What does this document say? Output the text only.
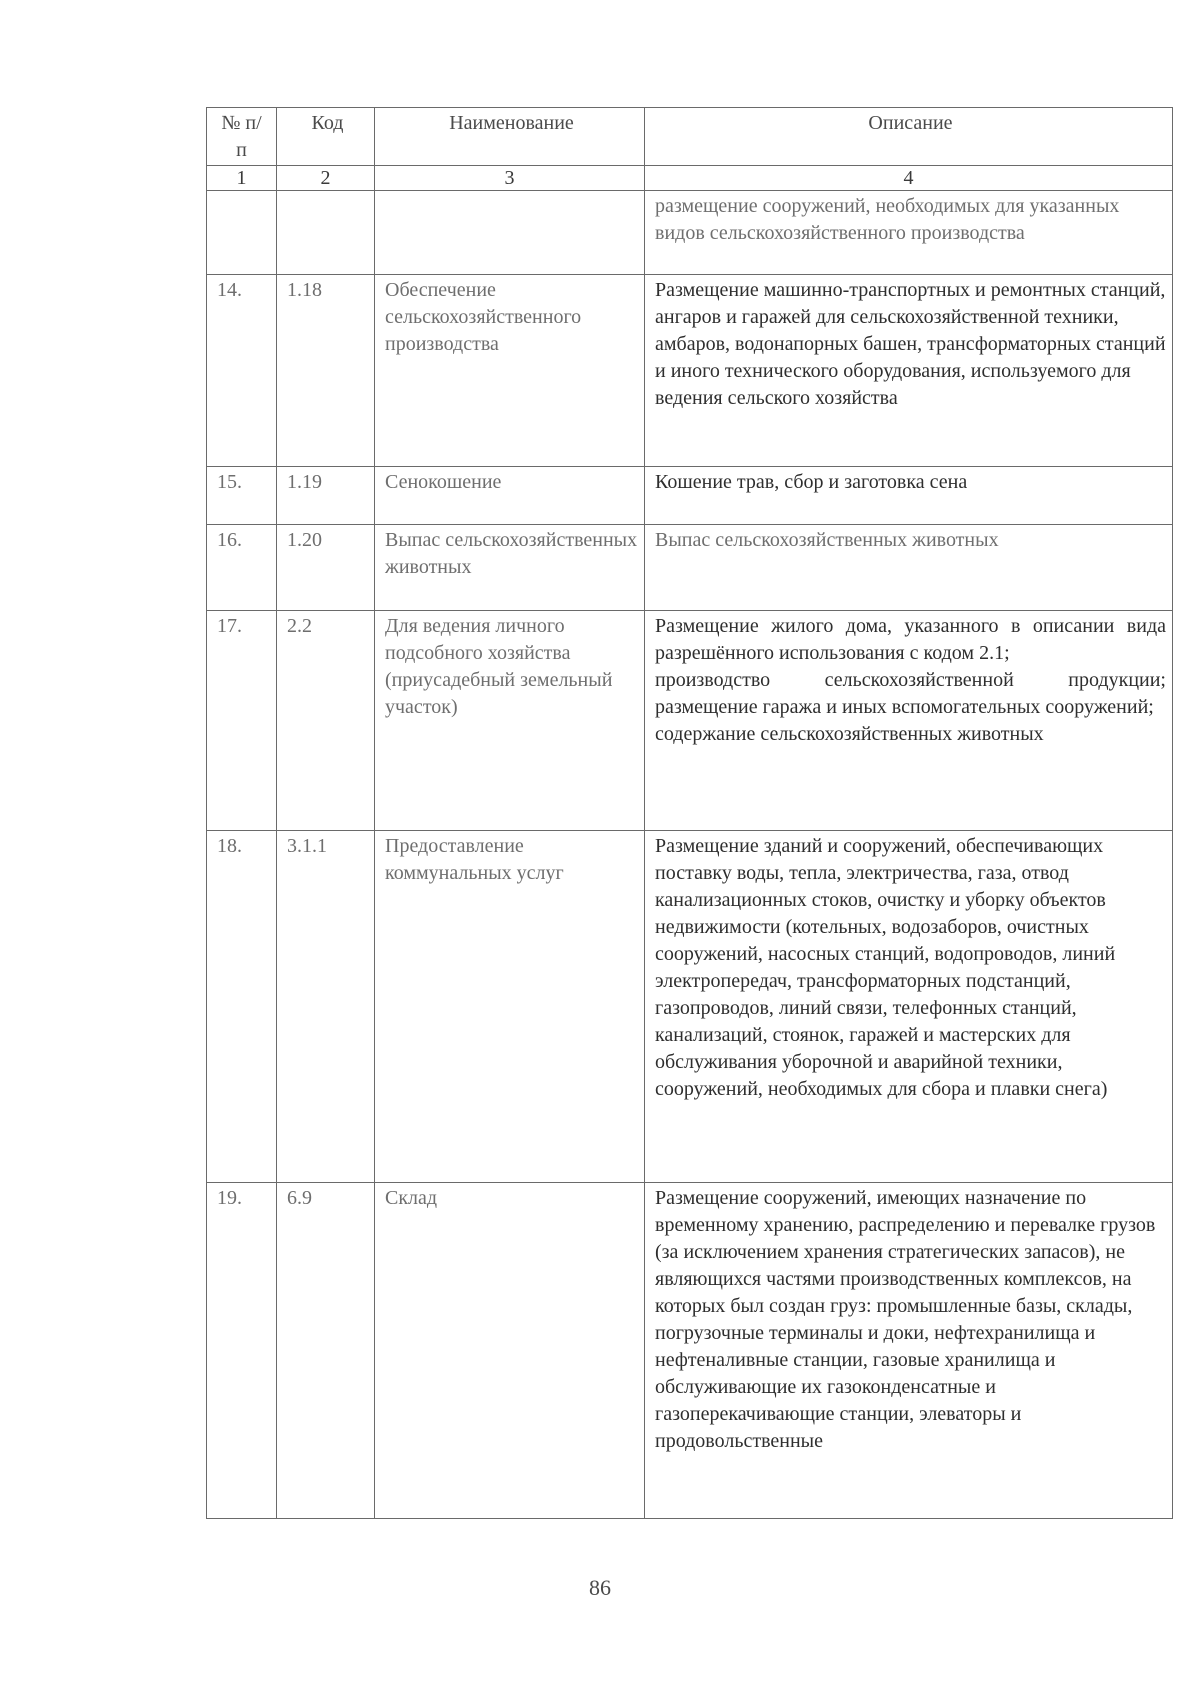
№ п/п	Код	Наименование	Описание
1	2	3	4
			размещение сооружений, необходимых для указанных видов сельскохозяйственного производства
14.	1.18	Обеспечение сельскохозяйственного производства	Размещение машинно-транспортных и ремонтных станций, ангаров и гаражей для сельскохозяйственной техники, амбаров, водонапорных башен, трансформаторных станций и иного технического оборудования, используемого для ведения сельского хозяйства
15.	1.19	Сенокошение	Кошение трав, сбор и заготовка сена
16.	1.20	Выпас сельскохозяйственных животных	Выпас сельскохозяйственных животных
17.	2.2	Для ведения личного подсобного хозяйства (приусадебный земельный участок)	Размещение жилого дома, указанного в описании вида разрешённого использования с кодом 2.1;
производство сельскохозяйственной продукции;
размещение гаража и иных вспомогательных сооружений;
содержание сельскохозяйственных животных

18.	3.1.1	Предоставление коммунальных услуг	Размещение зданий и сооружений, обеспечивающих поставку воды, тепла, электричества, газа, отвод канализационных стоков, очистку и уборку объектов недвижимости (котельных, водозаборов, очистных сооружений, насосных станций, водопроводов, линий электропередач, трансформаторных подстанций, газопроводов, линий связи, телефонных станций, канализаций, стоянок, гаражей и мастерских для обслуживания уборочной и аварийной техники, сооружений, необходимых для сбора и плавки снега)
19.	6.9	Склад	Размещение сооружений, имеющих назначение по временному хранению, распределению и перевалке грузов (за исключением хранения стратегических запасов), не являющихся частями производственных комплексов, на которых был создан груз: промышленные базы, склады, погрузочные терминалы и доки, нефтехранилища и нефтеналивные станции, газовые хранилища и обслуживающие их газоконденсатные и газоперекачивающие станции, элеваторы и продовольственные
86
